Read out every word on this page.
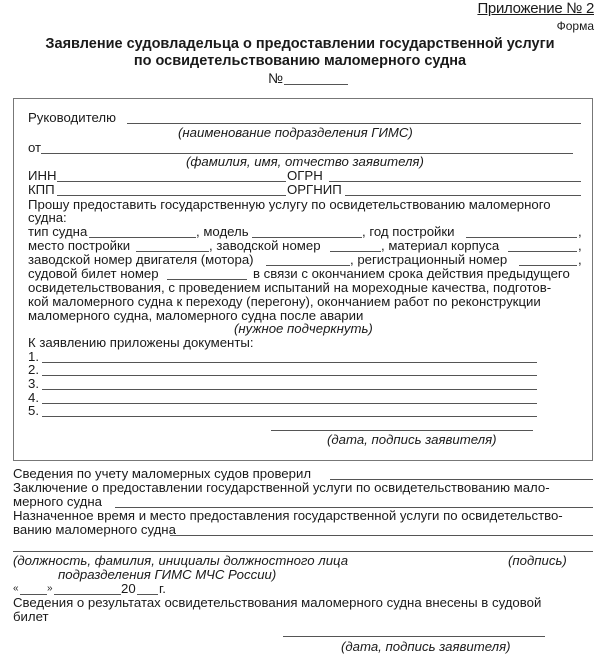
Приложение № 2
Форма
Заявление судовладельца о предоставлении государственной услуги
по освидетельствованию маломерного судна
№
Руководителю
(наименование подразделения ГИМС)
от
(фамилия, имя, отчество заявителя)
ИНН	ОГРН
КПП	ОРГНИП
Прошу предоставить государственную услугу по освидетельствованию маломерного
судна:
тип судна	, модель	, год постройки	,
место постройки	, заводской номер	, материал корпуса	,
заводской номер двигателя (мотора)	, регистрационный номер	,
судовой билет номер	в связи с окончанием срока действия предыдущего
освидетельствования, с проведением испытаний на мореходные качества, подготов-
кой маломерного судна к переходу (перегону), окончанием работ по реконструкции
маломерного судна, маломерного судна после аварии
(нужное подчеркнуть)
К заявлению приложены документы:
1.
2.
3.
4.
5.
(дата, подпись заявителя)
Сведения по учету маломерных судов проверил
Заключение о предоставлении государственной услуги по освидетельствованию мало-
мерного судна
Назначенное время и место предоставления государственной услуги по освидетельство-
ванию маломерного судна
(должность, фамилия, инициалы должностного лица	(подпись)
подразделения ГИМС МЧС России)
«	»	20 г.
Сведения о результатах освидетельствования маломерного судна внесены в судовой
билет
(дата, подпись заявителя)
